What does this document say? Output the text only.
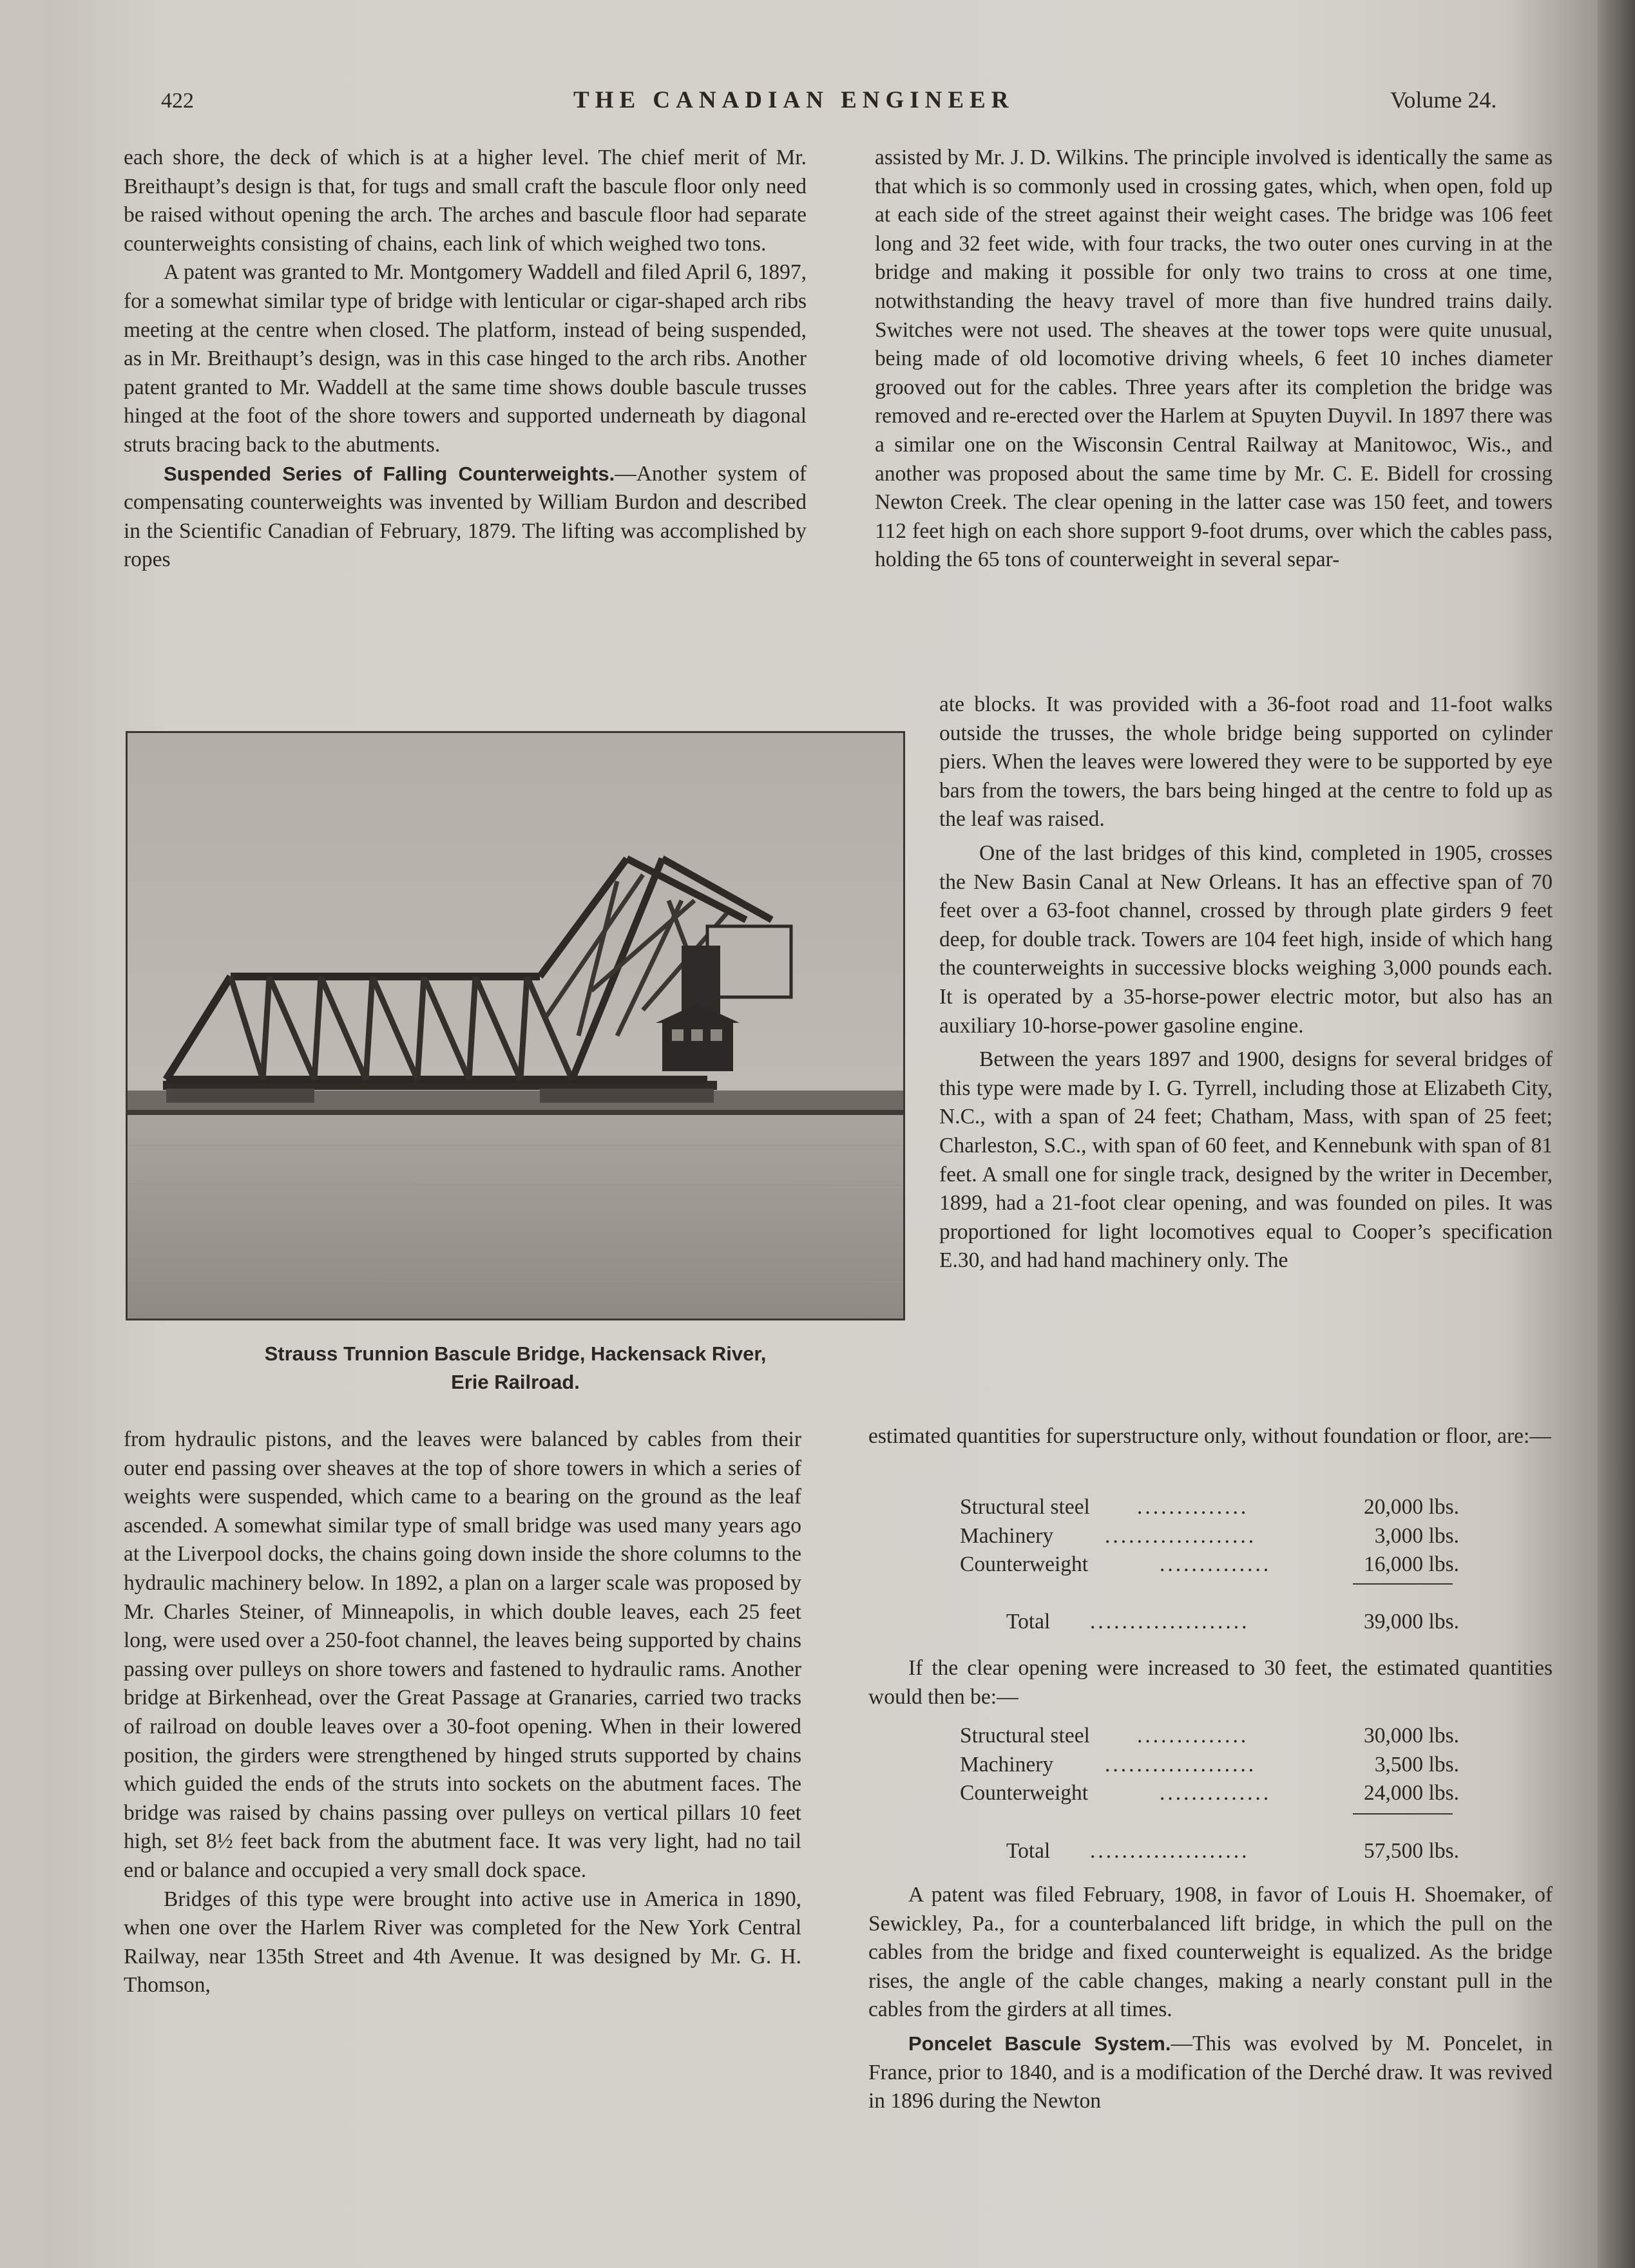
422	THE CANADIAN ENGINEER	Volume 24.

each shore, the deck of which is at a higher level. The chief merit of Mr. Breithaupt’s design is that, for tugs and small craft the bascule floor only need be raised without opening the arch. The arches and bascule floor had separate counterweights consisting of chains, each link of which weighed two tons.

A patent was granted to Mr. Montgomery Waddell and filed April 6, 1897, for a somewhat similar type of bridge with lenticular or cigar-shaped arch ribs meeting at the centre when closed. The platform, instead of being suspended, as in Mr. Breithaupt’s design, was in this case hinged to the arch ribs. Another patent granted to Mr. Waddell at the same time shows double bascule trusses hinged at the foot of the shore towers and supported underneath by diagonal struts bracing back to the abutments.

Suspended Series of Falling Counterweights.—Another system of compensating counterweights was invented by William Burdon and described in the Scientific Canadian of February, 1879. The lifting was accomplished by ropes

Strauss Trunnion Bascule Bridge, Hackensack River,
Erie Railroad.

from hydraulic pistons, and the leaves were balanced by cables from their outer end passing over sheaves at the top of shore towers in which a series of weights were suspended, which came to a bearing on the ground as the leaf ascended. A somewhat similar type of small bridge was used many years ago at the Liverpool docks, the chains going down inside the shore columns to the hydraulic machinery below. In 1892, a plan on a larger scale was proposed by Mr. Charles Steiner, of Minneapolis, in which double leaves, each 25 feet long, were used over a 250-foot channel, the leaves being supported by chains passing over pulleys on shore towers and fastened to hydraulic rams. Another bridge at Birkenhead, over the Great Passage at Granaries, carried two tracks of railroad on double leaves over a 30-foot opening. When in their lowered position, the girders were strengthened by hinged struts supported by chains which guided the ends of the struts into sockets on the abutment faces. The bridge was raised by chains passing over pulleys on vertical pillars 10 feet high, set 8½ feet back from the abutment face. It was very light, had no tail end or balance and occupied a very small dock space.

Bridges of this type were brought into active use in America in 1890, when one over the Harlem River was completed for the New York Central Railway, near 135th Street and 4th Avenue. It was designed by Mr. G. H. Thomson,

assisted by Mr. J. D. Wilkins. The principle involved is identically the same as that which is so commonly used in crossing gates, which, when open, fold up at each side of the street against their weight cases. The bridge was 106 feet long and 32 feet wide, with four tracks, the two outer ones curving in at the bridge and making it possible for only two trains to cross at one time, notwithstanding the heavy travel of more than five hundred trains daily. Switches were not used. The sheaves at the tower tops were quite unusual, being made of old locomotive driving wheels, 6 feet 10 inches diameter grooved out for the cables. Three years after its completion the bridge was removed and re-erected over the Harlem at Spuyten Duyvil. In 1897 there was a similar one on the Wisconsin Central Railway at Manitowoc, Wis., and another was proposed about the same time by Mr. C. E. Bidell for crossing Newton Creek. The clear opening in the latter case was 150 feet, and towers 112 feet high on each shore support 9-foot drums, over which the cables pass, holding the 65 tons of counterweight in several separ-

ate blocks. It was provided with a 36-foot road and 11-foot walks outside the trusses, the whole bridge being supported on cylinder piers. When the leaves were lowered they were to be supported by eye bars from the towers, the bars being hinged at the centre to fold up as the leaf was raised.

One of the last bridges of this kind, completed in 1905, crosses the New Basin Canal at New Orleans. It has an effective span of 70 feet over a 63-foot channel, crossed by through plate girders 9 feet deep, for double track. Towers are 104 feet high, inside of which hang the counterweights in successive blocks weighing 3,000 pounds each. It is operated by a 35-horse-power electric motor, but also has an auxiliary 10-horse-power gasoline engine.

Between the years 1897 and 1900, designs for several bridges of this type were made by I. G. Tyrrell, including those at Elizabeth City, N.C., with a span of 24 feet; Chatham, Mass, with span of 25 feet; Charleston, S.C., with span of 60 feet, and Kennebunk with span of 81 feet. A small one for single track, designed by the writer in December, 1899, had a 21-foot clear opening, and was founded on piles. It was proportioned for light locomotives equal to Cooper’s specification E.30, and had hand machinery only. The

estimated quantities for superstructure only, without foundation or floor, are:—

Structural steel ..............	20,000 lbs.
Machinery ...................	3,000 lbs.
Counterweight	..............	16,000 lbs.
Total ....................	39,000 lbs.

If the clear opening were increased to 30 feet, the estimated quantities would then be:—

Structural steel ..............	30,000 lbs.
Machinery ...................	3,500 lbs.
Counterweight	..............	24,000 lbs.
Total ....................	57,500 lbs.

A patent was filed February, 1908, in favor of Louis H. Shoemaker, of Sewickley, Pa., for a counterbalanced lift bridge, in which the pull on the cables from the bridge and fixed counterweight is equalized. As the bridge rises, the angle of the cable changes, making a nearly constant pull in the cables from the girders at all times.

Poncelet Bascule System.—This was evolved by M. Poncelet, in France, prior to 1840, and is a modification of the Derché draw. It was revived in 1896 during the Newton
